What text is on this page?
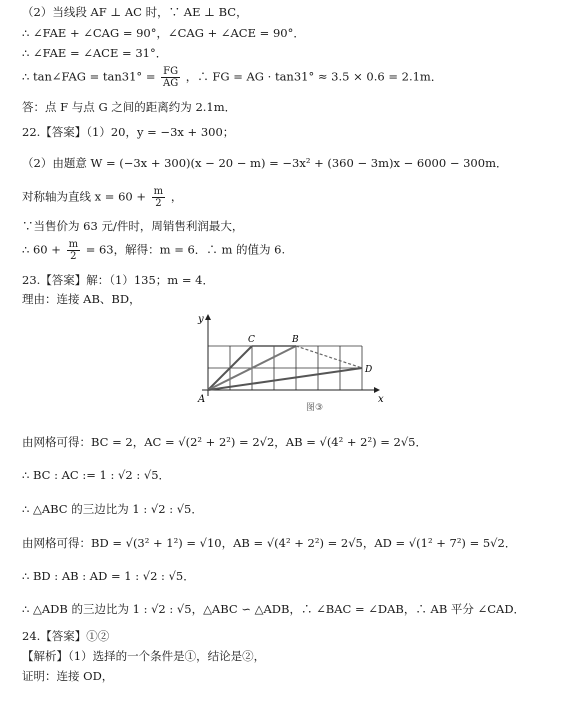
（2）当线段 AF ⊥ AC 时，∵ AE ⊥ BC，
∴ ∠FAE + ∠CAG = 90°，∠CAG + ∠ACE = 90°．
∴ ∠FAE = ∠ACE = 31°．
∴ tan∠FAG = $\tan 31^\circ = \frac{FG}{AG}$ ，∴ FG = AG · tan31° ≈ 3.5 × 0.6 = 2.1m．
答：点 F 与点 G 之间的距离约为 2.1m．
22.【答案】（1）20，y = −3x + 300；
（2）由题意 W = (−3x + 300)(x − 20 − m) = −3x² + (360 − 3m)x − 6000 − 300m．
对称轴为直线 $x = 60 + \frac{m}{2}$ ，
∵当售价为 63 元/件时，周销售利润最大，
∴ $60 + \frac{m}{2} = 63$，解得：m = 6．∴ m 的值为 6.
23.【答案】解：（1）135；m = 4．
理由：连接 AB、BD，
y
x
A
B
C
D
图③
由网格可得：BC = 2，AC = √(2² + 2²) = 2√2，AB = √(4² + 2²) = 2√5．
∴ BC : AC := 1 : √2 : √5．
∴ △ABC 的三边比为 1 : √2 : √5．
由网格可得：BD = √(3² + 1²) = √10，AB = √(4² + 2²) = 2√5，AD = √(1² + 7²) = 5√2．
∴ BD : AB : AD = 1 : √2 : √5．
∴ △ADB 的三边比为 1 : √2 : √5，△ABC ∽ △ADB，∴ ∠BAC = ∠DAB，∴ AB 平分 ∠CAD．
24.【答案】①②
【解析】（1）选择的一个条件是①，结论是②，
证明：连接 OD，
